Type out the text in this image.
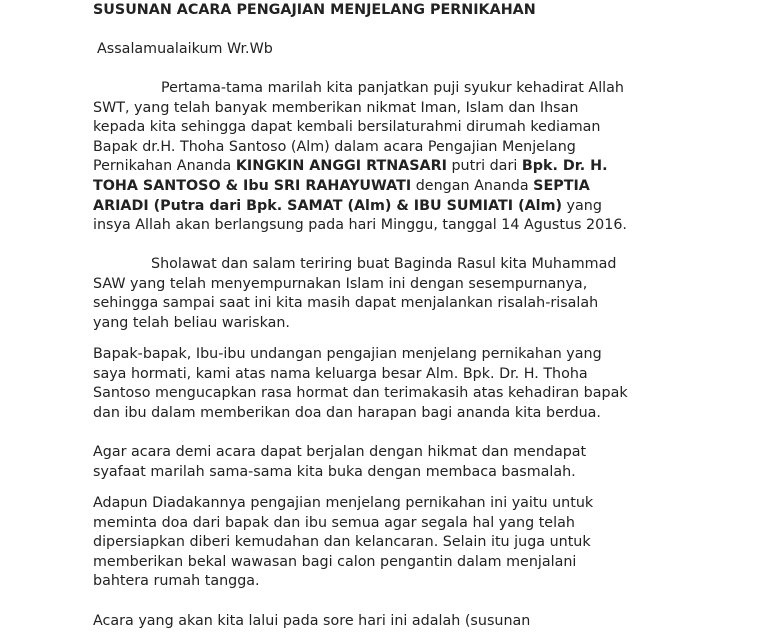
SUSUNAN ACARA PENGAJIAN MENJELANG PERNIKAHAN
Assalamualaikum Wr.Wb
Pertama-tama marilah kita panjatkan puji syukur kehadirat Allah
SWT, yang telah banyak memberikan nikmat Iman, Islam dan Ihsan
kepada kita sehingga dapat kembali bersilaturahmi dirumah kediaman
Bapak dr.H. Thoha Santoso (Alm) dalam acara Pengajian Menjelang
Pernikahan Ananda KINGKIN ANGGI RTNASARI putri dari Bpk. Dr. H.
TOHA SANTOSO & Ibu SRI RAHAYUWATI dengan Ananda SEPTIA
ARIADI (Putra dari Bpk. SAMAT (Alm) & IBU SUMIATI (Alm) yang
insya Allah akan berlangsung pada hari Minggu, tanggal 14 Agustus 2016.
Sholawat dan salam teriring buat Baginda Rasul kita Muhammad
SAW yang telah menyempurnakan Islam ini dengan sesempurnanya,
sehingga sampai saat ini kita masih dapat menjalankan risalah-risalah
yang telah beliau wariskan.
Bapak-bapak, Ibu-ibu undangan pengajian menjelang pernikahan yang
saya hormati, kami atas nama keluarga besar Alm. Bpk. Dr. H. Thoha
Santoso mengucapkan rasa hormat dan terimakasih atas kehadiran bapak
dan ibu dalam memberikan doa dan harapan bagi ananda kita berdua.
Agar acara demi acara dapat berjalan dengan hikmat dan mendapat
syafaat marilah sama-sama kita buka dengan membaca basmalah.
Adapun Diadakannya pengajian menjelang pernikahan ini yaitu untuk
meminta doa dari bapak dan ibu semua agar segala hal yang telah
dipersiapkan diberi kemudahan dan kelancaran. Selain itu juga untuk
memberikan bekal wawasan bagi calon pengantin dalam menjalani
bahtera rumah tangga.
Acara yang akan kita lalui pada sore hari ini adalah (susunan
